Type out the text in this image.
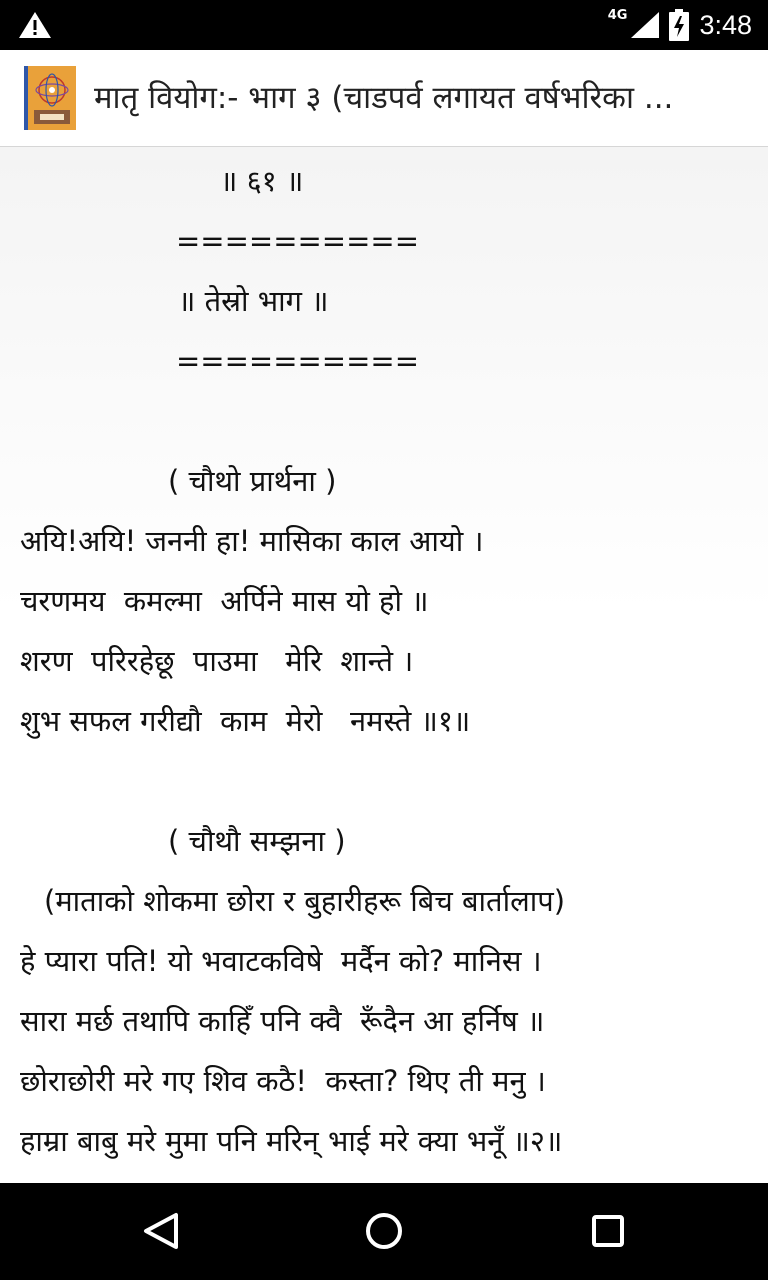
4G	3:48
मातृ वियोग:- भाग ३ (चाडपर्व लगायत वर्षभरिका ...
॥ ६१ ॥
==========
॥ तेस्रो भाग ॥
==========
( चौथो प्रार्थना )
अयि!अयि! जननी हा! मासिका काल आयो ।
चरणमय  कमल्मा  अर्पिने मास यो हो ॥
शरण  परिरहेछू  पाउमा   मेरि  शान्ते ।
शुभ सफल गरीद्यौ  काम  मेरो   नमस्ते ॥१॥
( चौथौ सम्झना )
(माताको शोकमा छोरा र बुहारीहरू बिच बार्तालाप)
हे प्यारा पति! यो भवाटकविषे  मर्दैन को? मानिस ।
सारा मर्छ तथापि काहिँ पनि क्वै  रूँदैन आ हर्निष ॥
छोराछोरी मरे गए शिव कठै!  कस्ता? थिए ती मनु ।
हाम्रा बाबु मरे मुमा पनि मरिन् भाई मरे क्या भनूँ ॥२॥
